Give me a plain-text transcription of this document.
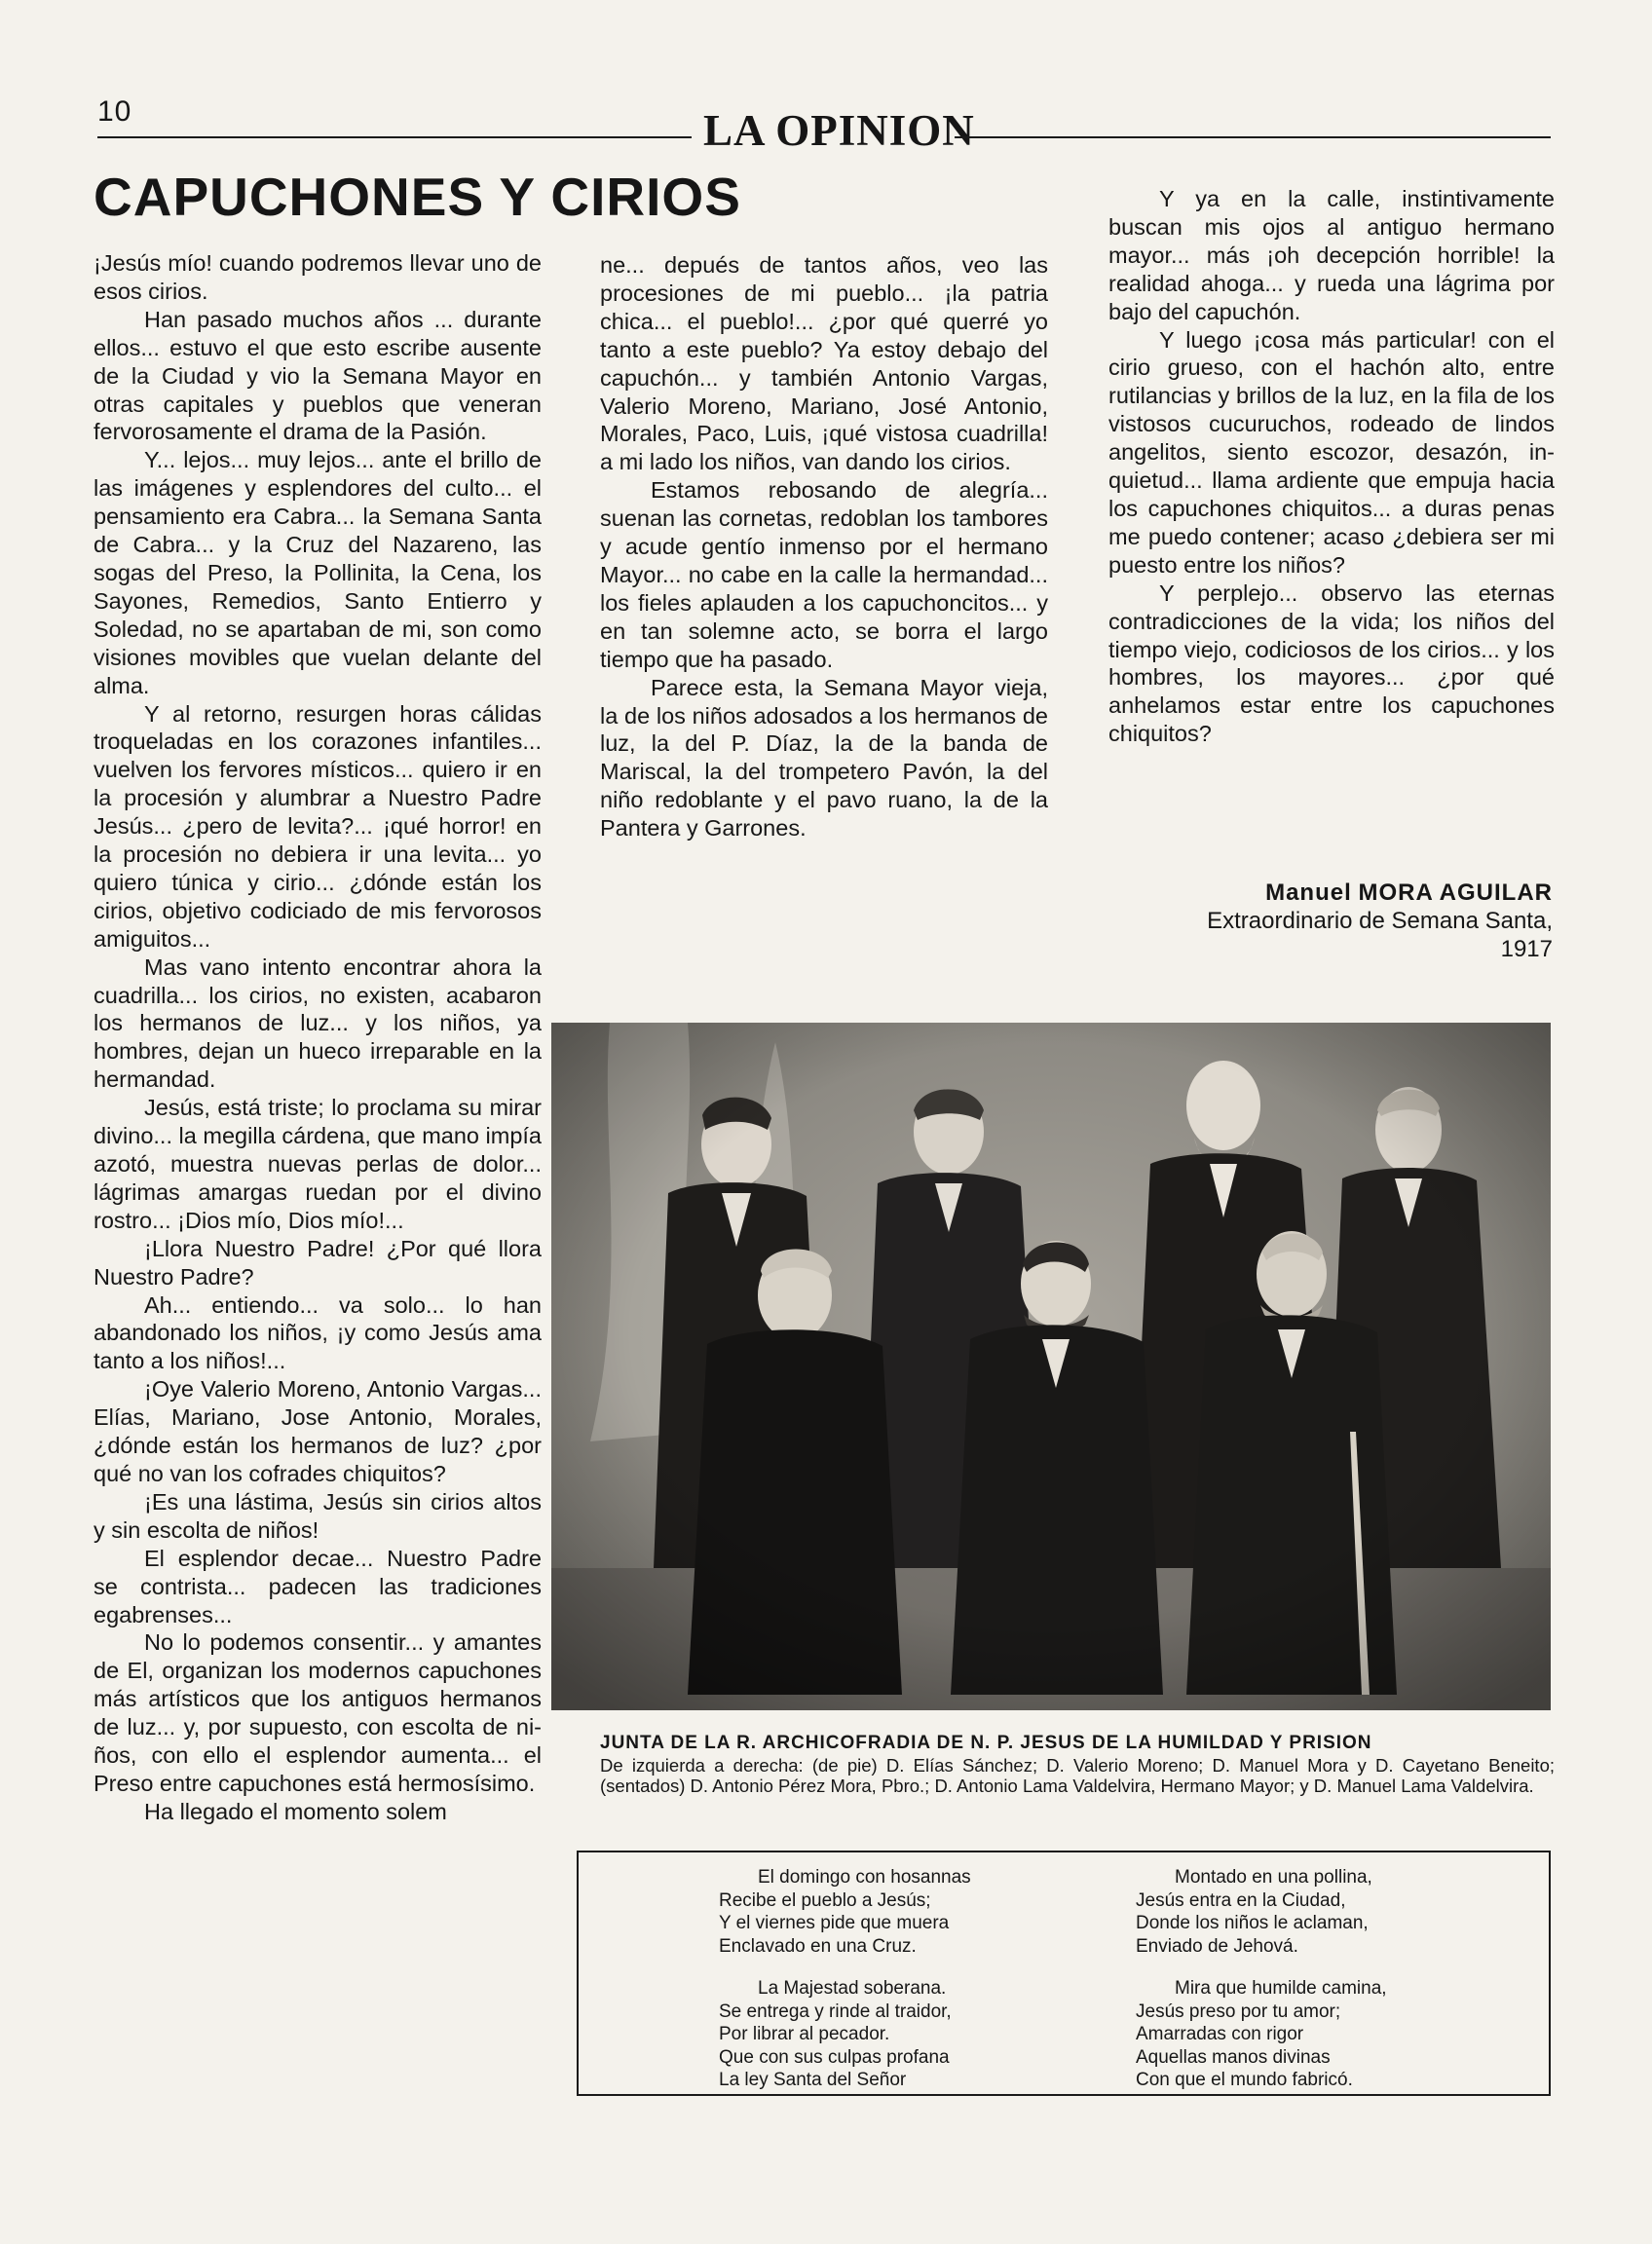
10	LA OPINION
CAPUCHONES Y CIRIOS

¡Jesús mío! cuando podremos llevar uno de esos cirios.

Han pasado muchos años ... durante ellos... estuvo el que esto escribe ausente de la Ciudad y vio la Semana Mayor en otras capitales y pueblos que veneran fervorosamente el drama de la Pasión.

Y... lejos... muy lejos... ante el brillo de las imágenes y esplendores del culto... el pensamiento era Cabra... la Semana Santa de Cabra... y la Cruz del Nazareno, las sogas del Preso, la Pollinita, la Cena, los Sayones, Remedios, Santo Entierro y Soledad, no se apartaban de mi, son como visiones movibles que vuelan delante del alma.

Y al retorno, resurgen horas cálidas troqueladas en los corazones infantiles... vuelven los fervores místicos... quiero ir en la procesión y alumbrar a Nuestro Padre Jesús... ¿pero de levita?... ¡qué horror! en la procesión no debiera ir una levita... yo quiero túnica y cirio... ¿dónde están los cirios, objetivo codiciado de mis fervorosos amiguitos...

Mas vano intento encontrar ahora la cuadrilla... los cirios, no existen, acabaron los hermanos de luz... y los niños, ya hombres, dejan un hueco irreparable en la hermandad.

Jesús, está triste; lo proclama su mirar divino... la megilla cárdena, que mano impía azotó, muestra nuevas perlas de dolor... lágrimas amargas ruedan por el divino rostro... ¡Dios mío, Dios mío!...

¡Llora Nuestro Padre! ¿Por qué llora Nuestro Padre?

Ah... entiendo... va solo... lo han abandonado los niños, ¡y como Jesús ama tanto a los niños!...

¡Oye Valerio Moreno, Antonio Vargas... Elías, Mariano, Jose Antonio, Morales, ¿dónde están los hermanos de luz? ¿por qué no van los cofrades chiquitos?

¡Es una lástima, Jesús sin cirios altos y sin escolta de niños!

El esplendor decae... Nuestro Padre se contrista... padecen las tradiciones egabrenses...

No lo podemos consentir... y amantes de El, organizan los modernos capuchones más artísticos que los antiguos hermanos de luz... y, por supuesto, con escolta de niños, con ello el esplendor aumenta... el Preso entre capuchones está hermosísimo.

Ha llegado el momento solem

ne... depués de tantos años, veo las procesiones de mi pueblo... ¡la patria chica... el pueblo!... ¿por qué querré yo tanto a este pueblo? Ya estoy debajo del capuchón... y también Antonio Vargas, Valerio Moreno, Mariano, José Antonio, Morales, Paco, Luis, ¡qué vistosa cuadrilla! a mi lado los niños, van dando los cirios.

Estamos rebosando de alegría... suenan las cornetas, redoblan los tambores y acude gentío inmenso por el hermano Mayor... no cabe en la calle la hermandad... los fieles aplauden a los capuchoncitos... y en tan solemne acto, se borra el largo tiempo que ha pasado.

Parece esta, la Semana Mayor vieja, la de los niños adosados a los hermanos de luz, la del P. Díaz, la de la banda de Mariscal, la del trompetero Pavón, la del niño redoblante y el pavo ruano, la de la Pantera y Garrones.

Y ya en la calle, instintivamente buscan mis ojos al antiguo hermano mayor... más ¡oh decepción horrible! la realidad ahoga... y rueda una lágrima por bajo del capuchón.

Y luego ¡cosa más particular! con el cirio grueso, con el hachón alto, entre rutilancias y brillos de la luz, en la fila de los vistosos cucuruchos, rodeado de lindos angelitos, siento escozor, desazón, inquietud... llama ardiente que empuja hacia los capuchones chiquitos... a duras penas me puedo contener; acaso ¿debiera ser mi puesto entre los niños?

Y perplejo... observo las eternas contradicciones de la vida; los niños del tiempo viejo, codiciosos de los cirios... y los hombres, los mayores... ¿por qué anhelamos estar entre los capuchones chiquitos?

Manuel MORA AGUILAR
Extraordinario de Semana Santa,
1917
JUNTA DE LA R. ARCHICOFRADIA DE N. P. JESUS DE LA HUMILDAD Y PRISION
De izquierda a derecha: (de pie) D. Elías Sánchez; D. Valerio Moreno; D. Manuel Mora y D. Cayetano Beneito; (sentados) D. Antonio Pérez Mora, Pbro.; D. Antonio Lama Valdelvira, Hermano Mayor; y D. Manuel Lama Valdelvira.
El domingo con hosannas
Recibe el pueblo a Jesús;
Y el viernes pide que muera
Enclavado en una Cruz.
La Majestad soberana.
Se entrega y rinde al traidor,
Por librar al pecador.
Que con sus culpas profana
La ley Santa del Señor
Montado en una pollina,
Jesús entra en la Ciudad,
Donde los niños le aclaman,
Enviado de Jehová.
Mira que humilde camina,
Jesús preso por tu amor;
Amarradas con rigor
Aquellas manos divinas
Con que el mundo fabricó.
